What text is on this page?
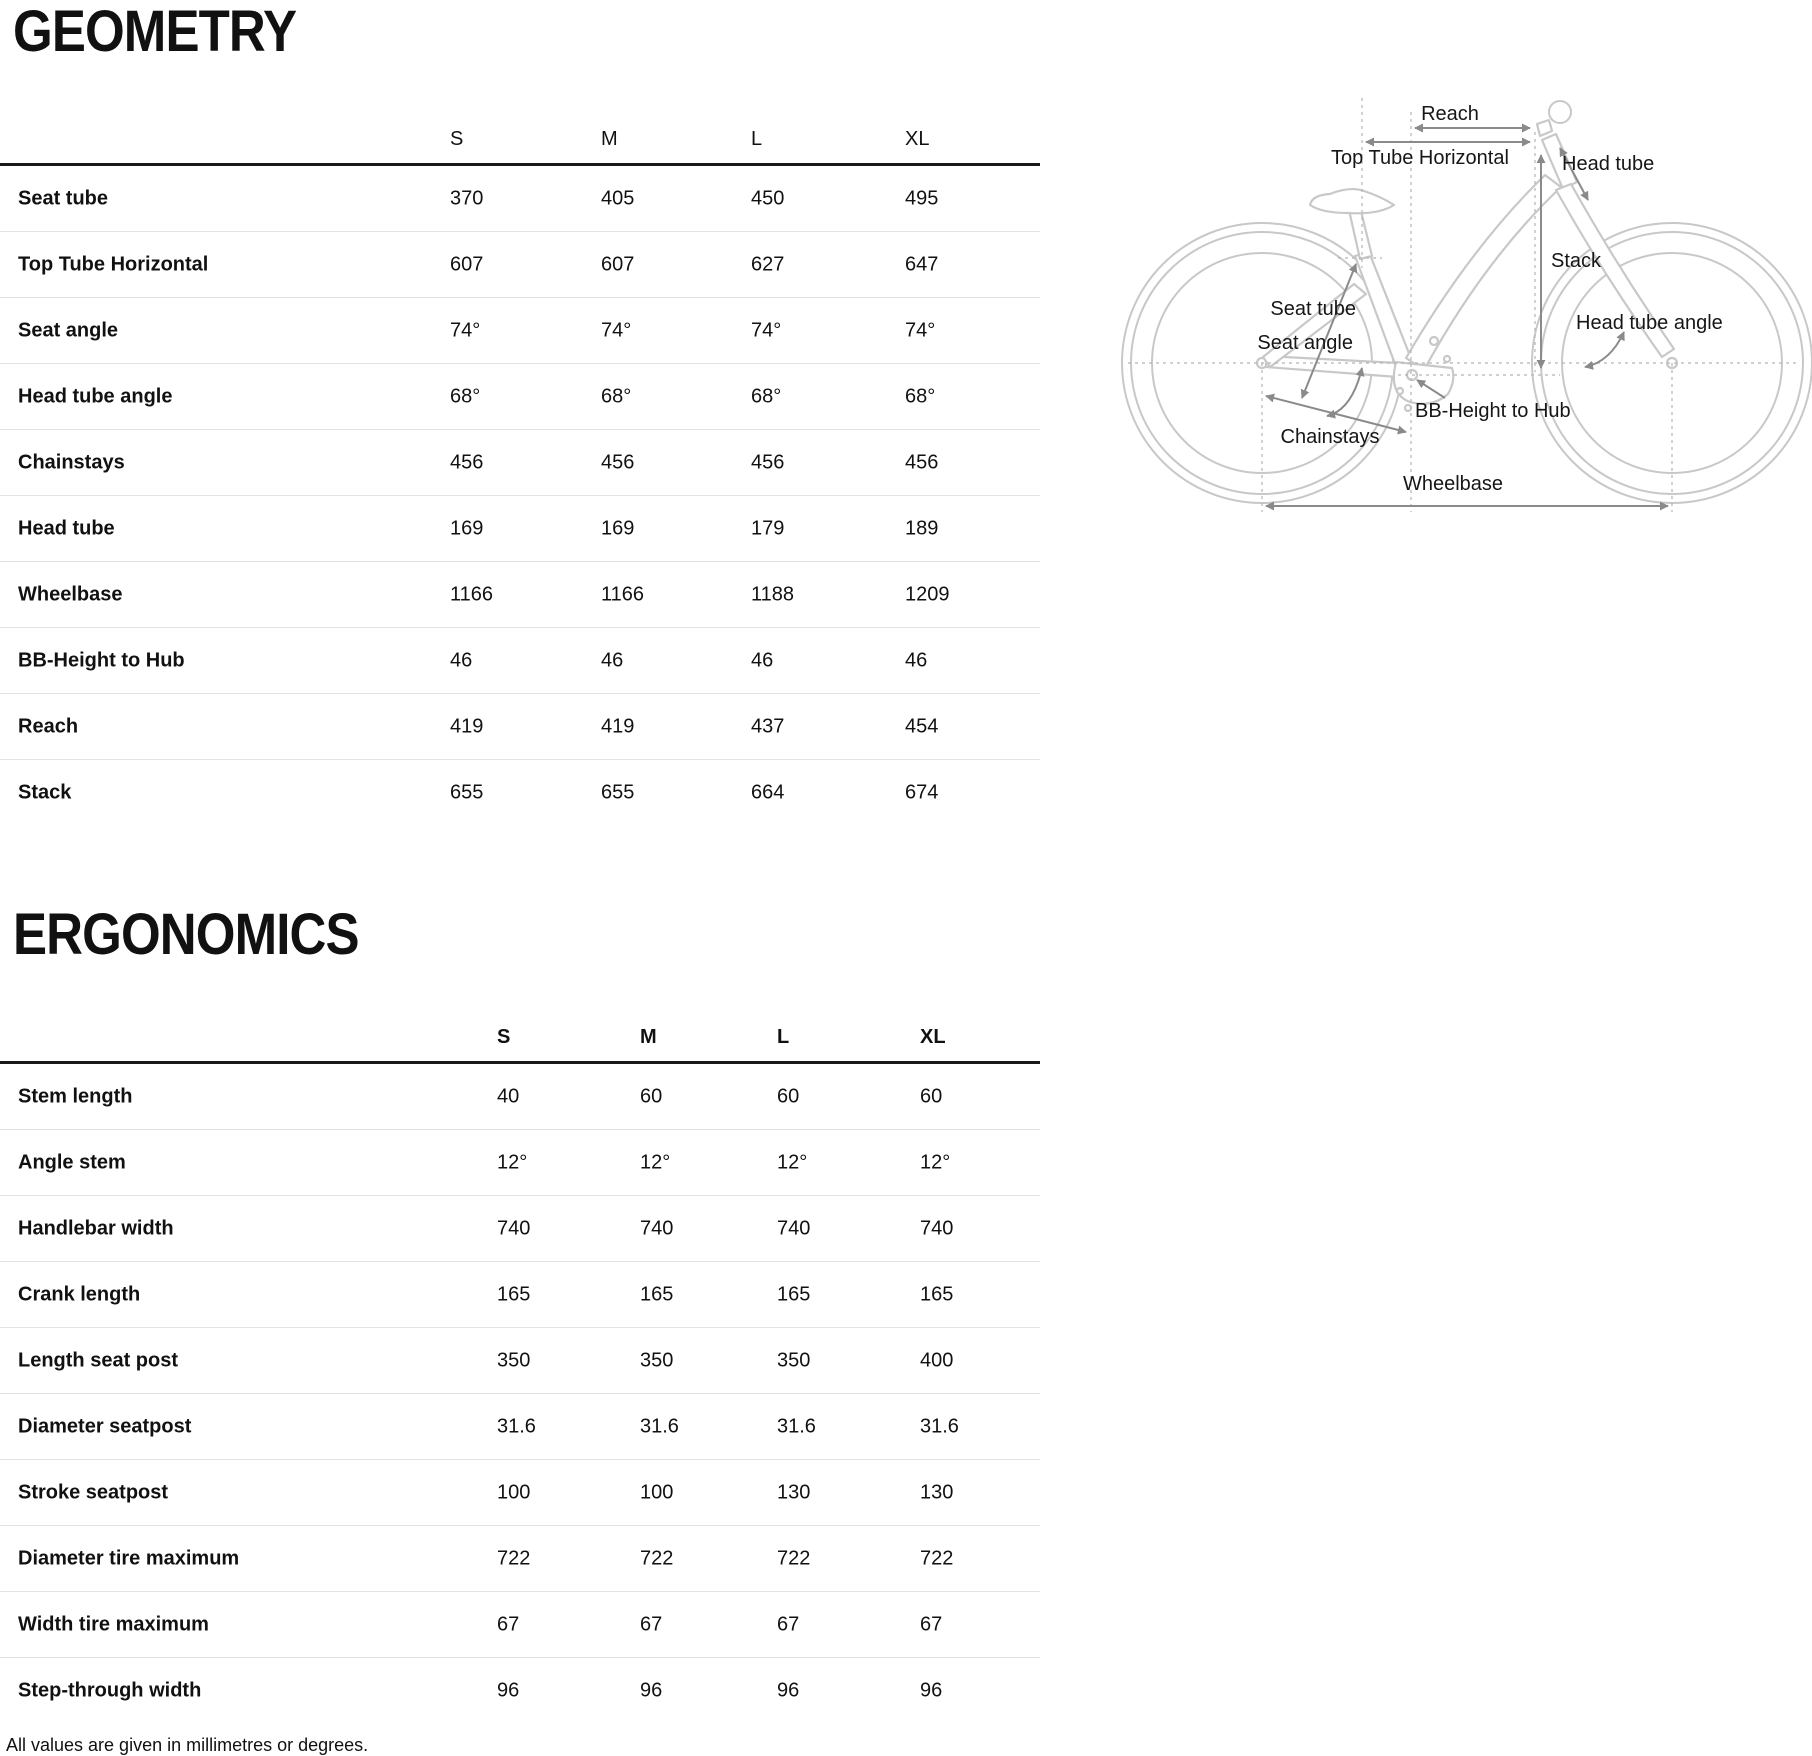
GEOMETRY
S	M	L	XL
Seat tube	370	405	450	495
Top Tube Horizontal	607	607	627	647
Seat angle	74°	74°	74°	74°
Head tube angle	68°	68°	68°	68°
Chainstays	456	456	456	456
Head tube	169	169	179	189
Wheelbase	1166	1166	1188	1209
BB-Height to Hub	46	46	46	46
Reach	419	419	437	454
Stack	655	655	664	674
ERGONOMICS
S	M	L	XL
Stem length	40	60	60	60
Angle stem	12°	12°	12°	12°
Handlebar width	740	740	740	740
Crank length	165	165	165	165
Length seat post	350	350	350	400
Diameter seatpost	31.6	31.6	31.6	31.6
Stroke seatpost	100	100	130	130
Diameter tire maximum	722	722	722	722
Width tire maximum	67	67	67	67
Step-through width	96	96	96	96
All values are given in millimetres or degrees.
Reach
Top Tube Horizontal	Head tube
Stack
Seat tube
Seat angle
Head tube angle
BB-Height to Hub
Chainstays
Wheelbase
